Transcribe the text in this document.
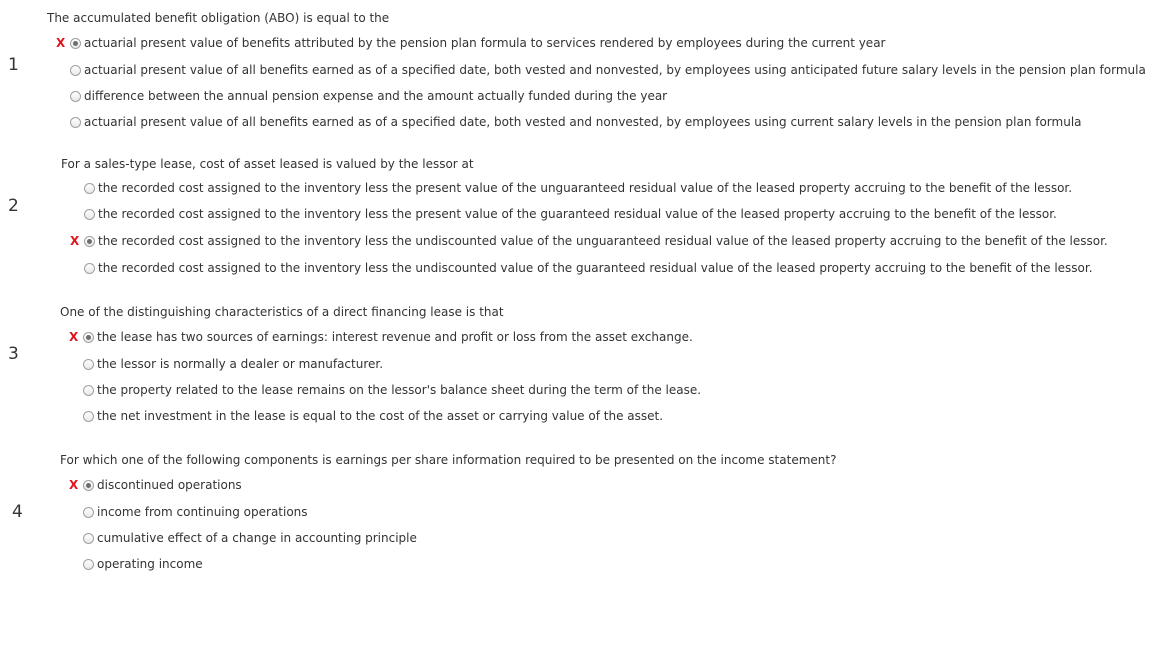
1
The accumulated benefit obligation (ABO) is equal to the
X	actuarial present value of benefits attributed by the pension plan formula to services rendered by employees during the current year
actuarial present value of all benefits earned as of a specified date, both vested and nonvested, by employees using anticipated future salary levels in the pension plan formula
difference between the annual pension expense and the amount actually funded during the year
actuarial present value of all benefits earned as of a specified date, both vested and nonvested, by employees using current salary levels in the pension plan formula
2
For a sales-type lease, cost of asset leased is valued by the lessor at
the recorded cost assigned to the inventory less the present value of the unguaranteed residual value of the leased property accruing to the benefit of the lessor.
the recorded cost assigned to the inventory less the present value of the guaranteed residual value of the leased property accruing to the benefit of the lessor.
X	the recorded cost assigned to the inventory less the undiscounted value of the unguaranteed residual value of the leased property accruing to the benefit of the lessor.
the recorded cost assigned to the inventory less the undiscounted value of the guaranteed residual value of the leased property accruing to the benefit of the lessor.
3
One of the distinguishing characteristics of a direct financing lease is that
X	the lease has two sources of earnings: interest revenue and profit or loss from the asset exchange.
the lessor is normally a dealer or manufacturer.
the property related to the lease remains on the lessor's balance sheet during the term of the lease.
the net investment in the lease is equal to the cost of the asset or carrying value of the asset.
4
For which one of the following components is earnings per share information required to be presented on the income statement?
X	discontinued operations
income from continuing operations
cumulative effect of a change in accounting principle
operating income
